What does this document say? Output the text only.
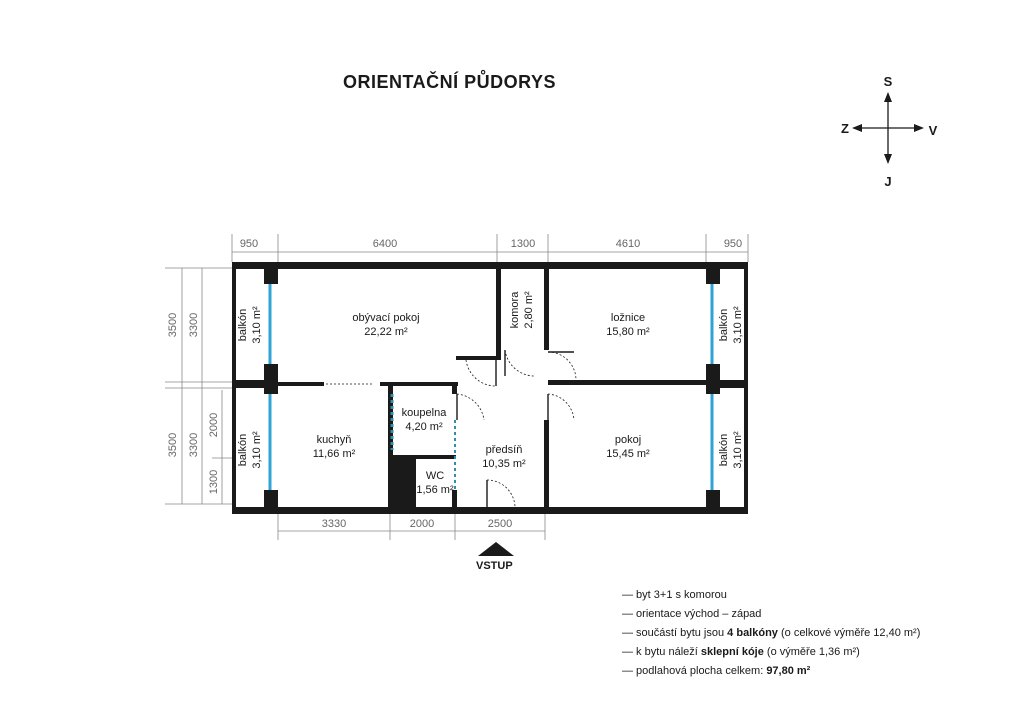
ORIENTAČNÍ PŮDORYS	S
J
Z	V
950	6400	1300	4610	950
3330	2000	2500
3500
3500
3300
3300
2000
1300
obývací pokoj
22,22 m²
kuchyň
11,66 m²
komora 2,80 m²
koupelna
4,20 m²
WC
1,56 m²
předsíň
10,35 m²
ložnice
15,80 m²
pokoj
15,45 m²
balkón 3,10 m²
balkón 3,10 m²
balkón 3,10 m²
balkón 3,10 m²
VSTUP
— byt 3+1 s komorou
— orientace východ – západ
— součástí bytu jsou 4 balkóny (o celkové výměře 12,40 m²)
— k bytu náleží sklepní kóje (o výměře 1,36 m²)
— podlahová plocha celkem: 97,80 m²
